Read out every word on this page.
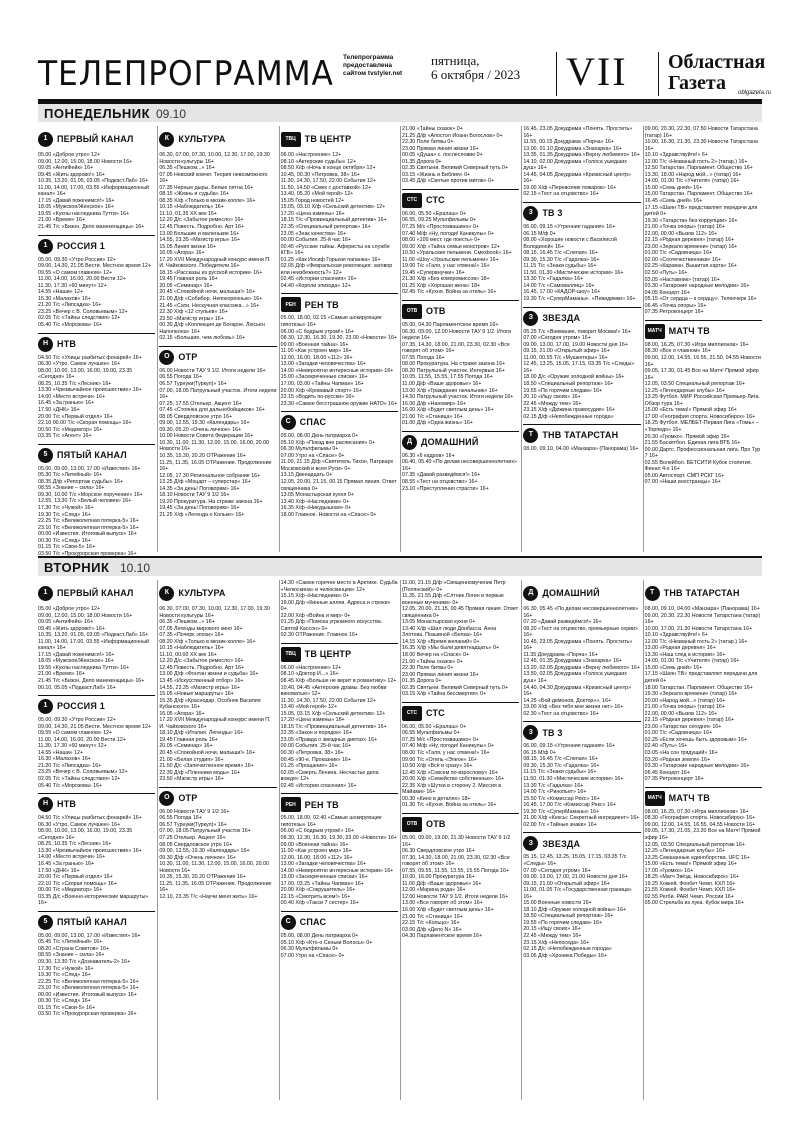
ТЕЛЕПРОГРАММА Телепрограмма предоставлена сайтом tvstyler.net
пятница,
6 октября / 2023 VII Областная
Газета	oblgazeta.ru
ПОНЕДЕЛЬНИК 09.10
ВТОРНИК 10.10
1	ПЕРВЫЙ КАНАЛ
05.00 «Доброе утро» 12+
09.00, 12.00, 15.00, 18.00 Новости 16+
09.05 «АнтиФейк» 16+
09.45 «Жить здорово!» 16+
10.35, 13.20, 01.05, 03.05 «Подкаст.Лаб» 16+
11.00, 14.00, 17.00, 03.55 «Информационный канал» 16+
17.15 «Давай поженимся!» 16+
18.05 «Мужское/Женское» 16+
19.55 «Куклы наследника Тутти» 16+
21.00 «Время» 16+
21.45 Т/с «Бизон. Дело манекенщицы» 16+
1	РОССИЯ 1
05.00, 09.30 «Утро России» 12+
09.00, 14.30, 21.05 Вести. Местное время 12+
09.55 «О самом главном» 12+
11.00, 14.00, 16.00, 20.00 Вести 12+
11.30, 17.30 «60 минут» 12+
14.55 «Наши» 12+
16.30 «Малахов» 16+
21.20 Т/с «Липсадка» 16+
23.25 «Вечер с В. Соловьевым» 12+
02.05 Т/с «Тайны следствия» 12+
05.40 Т/с «Морозова» 16+
Н НТВ
04.50 Т/с «Улицы разбитых фонарей» 16+
06.30 «Утро. Самое лучшее» 16+
08.00, 10.00, 13.00, 16.00, 19.00, 23.35 «Сегодня» 16+
08.25, 10.35 Т/с «Лесник» 16+
13.30 «Чрезвычайное происшествие» 16+
14.00 «Место встречи» 16+
16.45 «За гранью» 16+
17.50 «ДНК» 16+
20.00 Т/с «Первый отдел» 16+
22.10 00.00 Т/с «Скорая помощь» 16+
00.50 Т/с «Медиатор» 16+
03.35 Т/с «Агент» 16+
5	ПЯТЫЙ КАНАЛ
05.00, 09.00, 13.00, 17.00 «Известия» 16+
05.30 Т/с «Литейный» 16+
08.35 Д/ф «Репортаж судьбы» 16+
08.55 «Знание – сила» 16+
09.30, 10.00 Т/с «Морское поручение» 16+
12.55, 13.30 Т/с «Белый человек» 16+
17.30 Т/с «Чужой» 16+
19.30 Т/с «След» 16+
22.25 Т/с «Великолепная пятерка-5» 16+
23.10 Т/с «Великолепная пятерка-5» 16+
00.00 «Известия. Итоговый выпуск» 16+
00.30 Т/с «След» 16+
01.15 Т/с «Свои-5» 16+
03.50 Т/с «Прокурорская проверка» 16+
К	КУЛЬТУРА
06.30, 07.00, 07.30, 10.00, 12.30, 17.00, 19.30 Новости культуры 16+
06.35 «Пешком...» 16+
07.05 Невский ковчег. Теория невозможного 16+
07.35 Черные дыры. Белые пятна 16+
08.15 «Жизнь и судьба» 16+
08.35 Х/ф «Только в мюзик-холле» 16+
10.15 «Наблюдатель» 16+
11.10, 01.35 ХХ век 16+
12.20 Д/с «Забытое ремесло» 16+
12.45 Повесть. Подробно. Арт 16+
13.00 Большие и маленькие 16+
14.55, 23.35 «Магистр игры» 16+
15.05 Линия жизни 16+
16.05 «Агора» 16+
17.20 XVII Международный конкурс имени П. И. Чайковского. Победители 16+
18.15 «Рассказы из русской истории» 16+
19.45 Главная роль 16+
20.05 «Семинар» 16+
20.45 «Спокойной ночи, малыши!» 16+
21.00 Д/ф «Собибор. Непокоренные» 16+
21.45 «Сати. Нескучная классика...» 16+
22.30 Х/ф «12 стульев» 16+
23.50 «Магистр игры» 16+
00.30 Д/ф «Коллекция де Богарне. Люсьен Наполеона» 16+
02.15 «Большие, чем любовь» 16+
О ОТР
06.00 Новости ТАУ 9 1/2. Итоги недели 16+
06.55 Погода 16+
06.57 Турнуки(Туркул)» 16+
07.00, 18.05 Патрульный участок. Итоги недели 16+
07.25, 17.55 Отельер. Акцент 16+
07.45 «Стоянка для дальнобойщиков» 16+
08.05 Свердловское утро 16+
09.00, 12.55, 19.30 «Календарь» 16+
09.30, 05.20 «Очень личное» 16+
10.00 Новости Совета Федерации 16+
10.30, 11.00, 11.30, 12.00, 15.00, 16.00, 20.00 Новости 16+
10.35, 15.30, 20.20 ОТРажение 16+
11.25, 11.35, 16.05 ОТРажение. Продолжение 16+
12.05, 17.30 Региональное собрание 16+
13.25 Д/ф «Моцарт – суперстар» 16+
14.35 «За день! Поговорим» 16+
18.10 Новости ТАУ 9 1/2 16+
19.20 Прокуратура. На страже закона 16+
19.45 «За день! Поговорим» 16+
21.25 Х/ф «Легенда о Кольке» 16+
ТВЦ ТВ ЦЕНТР
06.00 «Настроение» 12+
08.10 «Актерские судьбы» 12+
08.50 Х/ф «Ночь в конце октября» 12+
10.45, 00.30 «Петровка, 38» 16+
11.30, 14.30, 17.50, 22.00 События 12+
11.50, 14.50 «Смех с доставкой» 12+
13.40, 05.20 «Мой герой» 12+
15.05 Город новостей 12+
15.05, 03.10 Х/ф «Сельский детектив» 12+
17.20 «Цена измены» 16+
18.15 Т/с «Провинциальный детектив» 16+
22.35 «Специальный репортаж» 16+
23.05 «Знак качества» 16+
00.00 События. 25-й час 16+
00.45 «Русские тайны. Аферисты на службе КГБ» 16+
01.25 «Как Иосиф Горькая папанка» 16+
02.05 Д/ф «Февральская революция: заговор или неизбежность?» 12+
02.45 «Истории спасения» 16+
04.40 «Короли эпизода» 12+
РЕН РЕН ТВ
05.00, 18.00, 02.15 «Самые шокирующие гипотезы» 16+
06.00 «С бодрым утром!» 16+
08.30, 12.30, 16.30, 19.30, 23.00 «Новости» 16+
09.00 «Военная тайна» 16+
11.00 «Как устроен мир» 16+
12.00, 16.00, 18.00 «112» 16+
13.00 «Загадки человечества» 16+
14.00 «Невероятно интересные истории» 16+
15.00 «Засекреченные списки» 16+
17.00, 03.00 «Тайны Чапман» 16+
20.00 Х/ф «Кровавый спорт» 16+
22.15 «Водить по-русски» 16+
23.30 «Самое бесстрашное оружие НАТО» 16+
С СПАС
05.00, 08.00 День патриарха 0+
05.10 Х/ф «Поезд вне расписания» 0+
06.30 Мультфильмы 0+
07.00 Утро на «Спасе» 0+
11.00, 21.15 Д/ф «Святитель Тихон, Патриарх Московский и всея Руси» 0+
13.15 Двенадцать 0+
12.05, 20.00, 21.15, 00.15 Прямая линия. Ответ священника 0+
13.05 Монастырская кухня 0+
13.40 Х/ф «Наследники» 0+
16.35 Х/ф «Никудышная» 0+
18.00 Главное. Новости на «Спасе» 0+
21.00 «Тайны сказок» 0+
21.25 Д/ф «Апостол Иоанн Богослов» 0+
22.30 Поле битвы 0+
23.00 Прямая линия жизни 16+
00.05 «Душа» с. послесловие 0+
01.35 Дорога 0+
02.35 Святыни. Великий Северный путь 0+
03.15 «Жизнь и Библия» 0+
03.45 Д/ф «Святые против митов» 0+
СТС СТС
06.00, 05.50 «Ералаш» 0+
06.55, 09.25 Мультфильмы 0+
07.25 М/с «Простоквашино» 0+
07.40 М/ф «Ну, погоди! Каникулы» 0+
08.00 «100 мест, где поесть» 0+
09.00 Х/ф «Тайна семьи монстров» 12+
10.50 «Уральские пельмени. Смехbook» 16+
11.00 «Шоу «Уральские пельмени» 16+
19.00 Т/с «Галя, у нас отмена!» 16+
19.45 «Супервнучки» 16+
21.30 Х/ф «Без компромиссов» 18+
01.25 Х/ф «Хорошая жена» 18+
02.45 Т/с «Кухня. Война за отель» 16+
ОТВ ОТВ
05.00, 04.30 Парламентское время 16+
06.30, 09.00, 12.00 Новости ТАУ 9 1/2. Итоги недели 16+
07.35, 14.30, 18.00, 21.00, 23.30, 02.30 «Все говорят об этом» 16+
07.55 Погода 16+
08.00 Прокуратура. На страже закона 16+
08.20 Патрульный участок. Интервью 16+
10.05, 11.55, 15.55, 17.55 Погода 16+
11.00 Д/ф «Ваше здоровье» 16+
13.00 Х/ф «Гражданин начальник» 16+
14.50 Патрульный участок. Итоги недели 16+
16.00 Д/ф «Наномир» 16+
16.00 Х/ф «Будет светлым день» 16+
21.00 Т/с «Станица» 16+
01.00 Д/ф «Одна жизнь» 16+
Д	ДОМАШНИЙ
06.30 «6 кадров» 16+
06.40, 05.40 «По делам несовершеннолетних» 16+
07.35 «Давай разведёмся!» 16+
08.55 «Тест на отцовство» 16+
23.10 «Преступления страсти» 16+
16.45, 23.05 Докудрама «Понять. Простить» 16+
11.55, 00.15 Докудрама «Порча» 16+
13.00, 01.10 Докудрама «Знахарка» 16+
13.35, 01.35 Докудрама «Верну любимого» 16+
14.10, 02.00 Докудрама «Голоса ушедших душ» 16+
14.45, 04.05 Докудрама «Кризисный центр» 16+
19.00 Х/ф «Перевозчик пожаров» 16+
02.15 «Тест на отцовство» 16+
3	ТВ 3
06.00, 09.15 «Утренние гадания» 16+
06.15 М/ф 0+
08.00 «Хорошие новости с Василисой Володиной» 16+
08.15, 16.45 Т/с «Слепая» 16+
09.30, 15.30 Т/с «Гадалка» 16+
11.15 Т/с «Знаки судьбы» 16+
11.50, 01.30 «Мистические истории» 16+
13.30 Т/с «Гадалка» 16+
14.00 Т/с «Самоваллиц» 16+
16.45, 17.00 «КАДОР-шоу» 16+
19.30 Т/с «СуперМаманы». «Певидимки» 16+
З	ЗВЕЗДА
05.25 Т/с «Внимание, говорит Москва!» 16+
07.00 «Сегодня утром» 16+
09.00, 13.00, 17.00, 19.00 Новости дня 16+
09.15, 21.00 «Открытый эфир» 16+
11.00, 00.55 Т/с «Мушкетеры» 16+
12.45, 13.25, 15.05, 17.15, 03.35 Т/с «Следы» 16+
18.00 Д/с «Оружие холодной войны» 16+
18.50 «Специальный репортаж» 16+
19.55 «По горячим следам» 16+
20.10 «Ищу своих» 16+
22.45 «Между тем» 16+
23.15 Х/ф «Дюжина правосудия» 16+
02.15 Д/ф «Непобежденные города»
Т	ТНВ ТАТАРСТАН
08.00, 09.10, 04.00 «Манзара» (Панорама) 16+
09.00, 20.30, 22.30, 07.50 Новости Татарстана (татар) 16+
10.00, 16.30, 21.30, 23.30 Новости Татарстана 16+
10.10 «Здравствуйте!» 6+
12.00 Т/с «Незваный гость 2» (татар.) 16+
12.50 Татарстан. Парламент. Общество 16+
13.30, 18.00 «Народ мой...» (татар) 16+
14.00, 01.00 Т/с «Учителя» (татар) 16+
15.00 «Семь дней» 16+
15.00 Татарстан. Парламент. Общество 16+
16.45 «Семь дней» 16+
17.15 «Шаян ТВ» представляет передачи для детей 0+
19.30 «Татарстан без коррупции» 16+
21.00 «Точка опоры» (татар) 16+
22.00, 00.00 «Вызов 112» 16+
22.15 «Родная деревня» (татар) 16+
23.00 «Зеркало времени» (татар) 16+
01.00 Т/с «Садовница» 16+
02.00 «Соотечественники» 16+
02.25 «Караван. Вышитая карта» 16+
02.50 «Путь» 16+
03.05 «Наставник» (татар) 16+
03.30 «Татарские народные мелодии» 16+
04.05 Концерт 16+
05.15 «От сердца – к сердцу». Телеочерк 16+
06.45 «Точка опоры» 16+
07.35 Ретроконцерт 16+
МАТЧ МАТЧ ТВ
08.00, 16.25, 07.30 «Игра миллионов» 16+
08.30 «Все о главном» 16+
09.00, 12.00, 14.55, 16.55, 21.50, 04.55 Новости 16+
09.05, 17.30, 01.45 Все на Матч! Прямой эфир 16+
12.05, 03.50 Специальный репортаж 16+
12.25 «Легендарные клубы» 16+
13.25 Футбол. МИР Российская Премьер-Лига. Обзор тура 16+
15.00 «Есть тема!» Прямой эфир 16+
17.00 «География спорта. Новосибирск» 16+
18.25 Футбол. МЕЛБЕТ-Первая Лига «Томь» – «Торпедо» 16+
20.30 «Громко». Прямой эфир 16+
21.55 Баскетбол. Единая лига ВТБ 16+
00.00 Дартс. Профессиональная лига. Про Тур 7 16+
02.55 Волейбол. БЕТСИТИ Кубок столетия. Финал 4-х 16+
05.00 Автоспорт. СМП РСКГ 16+
07.00 «Наши иностранцы» 16+
1	ПЕРВЫЙ КАНАЛ
05.00 «Доброе утро» 12+
09.00, 12.00, 15.00, 18.00 Новости 16+
09.05 «АнтиФейк» 16+
09.45 «Жить здорово!» 16+
10.35, 13.20, 01.05, 03.05 «Подкаст.Лаб» 16+
11.00, 14.00, 17.00, 03.55 «Информационный канал» 16+
17.15 «Давай поженимся!» 16+
18.05 «Мужское/Женское» 16+
19.55 «Куклы наследника Тутти» 16+
21.00 «Время» 16+
21.45 Т/с «Бизон. Дело манекенщицы» 16+
00.10, 05.05 «Подкаст.Лаб» 16+
1	РОССИЯ 1
05.00, 09.30 «Утро России» 12+
09.00, 14.30, 21.05 Вести. Местное время 12+
09.55 «О самом главном» 12+
11.00, 14.00, 16.00, 20.00 Вести 12+
11.30, 17.30 «60 минут» 12+
14.55 «Наши» 12+
16.30 «Малахов» 16+
21.20 Т/с «Липсадка» 16+
23.25 «Вечер с В. Соловьевым» 12+
02.05 Т/с «Тайны следствия» 12+
05.40 Т/с «Морозова» 16+
Н НТВ
04.50 Т/с «Улицы разбитых фонарей» 16+
06.30 «Утро. Самое лучшее» 16+
08.00, 10.00, 13.00, 16.00, 19.00, 23.35 «Сегодня» 16+
08.25, 10.35 Т/с «Лесник» 16+
13.30 «Чрезвычайное происшествие» 16+
14.00 «Место встречи» 16+
16.45 «За гранью» 16+
17.50 «ДНК» 16+
20.00 Т/с «Первый отдел» 16+
22.10 Т/с «Скорая помощь» 16+
00.00 Т/с «Медиатор» 16+
03.35 Д/с «Военно-исторические маршруты» 16+
5	ПЯТЫЙ КАНАЛ
05.00, 09.00, 13.00, 17.00 «Известия» 16+
05.45 Т/с «Литейный» 16+
08.20 «Страна Советов» 16+
08.55 «Знание – сила» 16+
09.30, 13.30 Т/с «Дознаватель-2» 16+
17.30 Т/с «Чужой» 16+
19.30 Т/с «След» 16+
22.25 Т/с «Великолепная пятерка-5» 16+
23.10 Т/с «Великолепная пятерка-5» 16+
00.00 «Известия. Итоговый выпуск» 16+
00.30 Т/с «След» 16+
01.15 Т/с «Свои-5» 16+
03.50 Т/с «Прокурорская проверка» 16+
К	КУЛЬТУРА
06.30, 07.00, 07.30, 10.00, 12.30, 17.00, 19.30 Новости культуры 16+
06.35 «Пешком...» 16+
07.05 Легенды мирового кино 16+
07.35 «Почерк эпохи» 16+
08.20 Х/ф «Только в мюзик-холле» 16+
10.15 «Наблюдатель» 16+
11.10, 00.00 ХХ век 16+
12.20 Д/с «Забытое ремесло» 16+
12.45 Повесть. Подробно. Арт 16+
13.00 Д/ф «Фонтан жизни и судьба» 16+
13.45 «Искусственный отбор» 16+
14.55, 23.35 «Магистр игры» 16+
15.05 «Новые маршруты» 16+
15.35 Д/ф «Краснодар. Особняк Василия Кубанского» 16+
16.05 «Агора» 16+
17.20 XVII Международный конкурс имени П. И. Чайковского 16+
18.10 Д/ф «Италия. Легенды» 16+
19.45 Главная роль 16+
20.05 «Семинар» 16+
20.45 «Спокойной ночи, малыши!» 16+
21.00 «Белая студия» 16+
21.50 Д/с «Запечатленное время» 16+
22.30 Д/ф «Пленники моды» 16+
23.50 «Магистр игры» 16+
О ОТР
06.00 Новости ТАУ 9 1/2 16+
06.55 Погода 16+
06.57 Турнуки(Туркул)» 16+
07.00, 18.05 Патрульный участок 16+
07.25 Отельер. Акцент 16+
08.05 Свердловское утро 16+
09.00, 12.55, 19.30 «Календарь» 16+
09.30 Д/ф «Очень личное» 16+
10.30, 11.00, 11.30, 12.00, 15.00, 16.00, 20.00 Новости 16+
10.35, 15.30, 20.20 ОТРажение 16+
11.25, 11.35, 16.05 ОТРажение. Продолжение 16+
12.10, 23.35 Т/с «Научи меня жить» 16+
14.30 «Самое горячее место в Арктике. Судьба «Челюскина» и челюскинцев» 12+
15.15 Х/ф «Наследники» 0+
19.00 Д/ф «Кинные аллеи. Адреса и строки» 0+
22.00 Х/ф «Война и мир» 0+
01.25 Д/ф «Помоха угрюмного искусства. Святой Кассон» 0+
02.30 ОТРажение. Главное 16+
ТВЦ ТВ ЦЕНТР
06.00 «Настроение» 12+
08.10 «Доктор И...» 16+
08.45 Х/ф «Больше не верит в романтику» 12+
10.40, 04.45 «Актерские драмы. Без любви виноватые» 12+
11.30, 14.30, 17.50, 22.00 События 12+
13.40 «Мой герой» 12+
15.05, 03.15 Х/ф «Сельский детектив» 12+
17.20 «Цена измены» 16+
18.15 Т/с «Провинциальный детектив» 16+
22.35 «Закон и порядок» 16+
23.05 «Правда о звездных диетах» 16+
00.00 События. 25-й час 16+
00.30 «Петровка, 38» 16+
00.45 «90-е. Проказник» 16+
01.25 «Прощание» 16+
02.05 «Смерть Ленина. Несчастье дела вождя» 12+
02.45 «Истории спасения» 16+
РЕН РЕН ТВ
05.00, 18.00, 02.40 «Самые шокирующие гипотезы» 16+
06.00 «С бодрым утром!» 16+
08.30, 12.30, 16.30, 19.30, 23.00 «Новости» 16+
09.00 «Военная тайна» 16+
11.00 «Как устроен мир» 16+
12.00, 16.00, 18.00 «112» 16+
13.00 «Загадки человечества» 16+
14.00 «Невероятно интересные истории» 16+
15.00 «Засекреченные списки» 16+
17.00, 03.25 «Тайны Чапман» 16+
20.00 Х/ф «Сокрушитель» 16+
22.15 «Смотреть всем!» 16+
00.40 Х/ф «Такси 7 сестер» 16+
С СПАС
05.00, 08.00 День патриарха 0+
05.10 Х/ф «Кто-о Сеньки Волосы» 0+
06.30 Мультфильмы 0+
07.00 Утро на «Спасе» 0+
11.00, 21.15 Д/ф «Священномученик Петр (Полянский)» 0+
11.35, 21.55 Д/ф «Слтник Логин и первые военные мученики» 0+
12.05, 20.00, 21.15, 00.45 Прямая линия. Ответ священника 0+
13.05 Монастырская кухня 0+
13.40 Х/ф «Шил люди Донбасса. Анна Злотова. Позывной «Белка» 16+
14.15 Х/ф «Время желаний» 0+
16.35 Х/ф «Мы были девятнадцать» 0+
18.00 Вечер на «Спасе» 0+
21.00 «Тайны сказок» 0+
22.30 Поле битвы 0+
23.00 Прямая линия жизни 16+
01.35 Дорога 0+
02.35 Святыни. Великий Северный путь 0+
03.15 Х/ф «Тайна бессмертия» 0+
СТС СТС
06.00, 05.50 «Ералаш» 0+
06.55 Мультфильмы 0+
07.25 М/с «Простоквашино» 0+
07.40 М/ф «Ну, погоди! Каникулы» 0+
08.00 Т/с «Галя, у нас отмена!» 16+
09.00 Т/с «Отель «Элеон» 16+
10.50 Х/ф «Всё и сразу» 16+
12.45 Х/ф «Совсем по-взрослому» 16+
20.00 Х/ф «Семейство собственных» 16+
22.35 Х/ф «Шутки в сторону 2. Миссия в Майами» 16+
00.30 «Кино в деталях» 18+
01.30 Т/с «Кухня. Война за отель» 16+
ОТВ ОТВ
05.00, 09.00, 19.00, 21.30 Новости ТАУ 9 1/2 16+
06.30 Свердловское утро 16+
07.30, 14.30, 18.00, 21.00, 23.30, 02.30 «Все говорят об этом» 16+
07.55, 09.55, 11.55, 13.55, 15.55 Погода 16+
10.00, 16.00 Прокуратура 16+
11.00 Д/ф «Ваше здоровье» 16+
12.00 «Марина рода» 16+
12.00 Новости ТАУ 9 1/2. Итоги недели 16+
13.00 «Все говорят об этом» 16+
16.00 Х/ф «Будет светлым день» 16+
21.00 Т/с «Станица» 16+
22.15 Т/с «Кольцо» 16+
03.00 Д/ф «Дело N» 16+
04.30 Парламентское время 16+
Д	ДОМАШНИЙ
06.30, 05.45 «По делам несовершеннолетних» 16+
07.20 «Давай разведёмся!» 16+
08.20 «Тест на отцовство, премьерные серии» 16+
10.45, 23.05 Докудрама «Понять. Простить» 16+
11.35 Докудрама «Порча» 16+
12.45, 01.35 Докудрама «Знахарка» 16+
13.20, 02.05 Докудрама «Верну любимого» 16+
13.50, 02.05 Докудрама «Голоса ушедших душ» 16+
14.40, 04.30 Докудрама «Кризисный центр» 16+
14.25 «Бой демонов, Доктор»», 16+
19.00 Х/ф «Без тебя мне жизни нет» 16+
02.30 «Тест на отцовство» 16+
3	ТВ 3
06.00, 09.15 «Утренние гадания» 16+
06.15 М/ф 0+
08.15, 16.45 Т/с «Слепая» 16+
09.30, 15.30 Т/с «Гадалка» 16+
11.15 Т/с «Знаки судьбы» 16+
11.50, 01.30 «Мистические истории» 16+
13.30 Т/с «Гадалка» 16+
14.00 Т/с «Ринопьет» 16+
15.50 Т/с «Комиссар Рекс» 16+
16.45, 17.00 Т/с «Комиссар Рекс» 16+
19.30 Т/с «СуперМаманы» 16+
21.00 Х/ф «Кексы: Секретный ингредиент» 16+
02.00 Т/с «Тайные знаки» 16+
З	ЗВЕЗДА
05.15, 12.45, 13.25, 15.05, 17.15, 03.35 Т/с «Следы» 16+
07.00 «Сегодня утром» 16+
09.00, 13.00, 17.00, 21.00 Новости дня 16+
09.15, 21.00 «Открытый эфир» 16+
11.00, 01.05 Т/с «Государственная граница» 16+
15.00 Военные новости 16+
18.10 Д/ф «Оружие холодной войны» 16+
18.50 «Специальный репортаж» 16+
19.55 «По горячим следам» 16+
20.15 «Ищу своих» 16+
22.45 «Между тем» 16+
23.15 Х/ф «Непоседа» 16+
02.15 Д/с «Непобежденные города»
03.05 Д/ф «Хроника Победы» 16+
Т	ТНВ ТАТАРСТАН
08.00, 09.10, 04.00 «Манзара» (Панорама) 16+
09.00, 20.30, 22.30 Новости Татарстана (татар) 16+
10.00, 17.00, 21.30 Новости Татарстана 16+
10.10 «Здравствуйте!» 6+
12.00 Т/с «Незваный гость 2» (татар.) 16+
13.00 «Родная деревня» 16+
13.30 «Наш след в истории» 16+
14.00, 01.00 Т/с «Учителя» (татар) 16+
15.00 «Семь дней» 16+
17.15 «Шаян ТВ» представляет передачи для детей 0+
18.00 Татарстан. Парламент. Общество 16+
19.30 «Зеркало времени» (татар) 16+
20.00 «Народ мой...» (татар) 16+
21.00 «Точка опоры» (татар) 16+
22.00, 00.00 «Вызов 112» 16+
22.15 «Родная деревня» (татар) 16+
23.00 «Татарстан сегодня» 16+
01.00 Т/с «Садовница» 16+
02.25 «Если хочешь быть здоровым» 16+
02.40 «Путь» 16+
03.05 «На сон грядущий» 16+
03.20 «Родная земля» 16+
03.30 «Татарские народные мелодии» 16+
06.45 Концерт 16+
07.35 Ретроконцерт 16+
МАТЧ МАТЧ ТВ
08.00, 16.25, 07.30 «Игра миллионов» 16+
08.30 «География спорта. Новосибирск» 16+
09.00, 12.00, 14.55, 16.55, 04.55 Новости 16+
09.05, 17.30, 21.05, 23.20 Все на Матч! Прямой эфир 16+
12.05, 03.50 Специальный репортаж 16+
12.25 «Легендарные клубы» 16+
13.25 Смешанные единоборства. UFC 16+
15.00 «Есть тема!» Прямой эфир 16+
17.00 «Громко» 16+
18.25 «Матч Звёзд. Новосибирск» 16+
19.25 Хоккей. Фонбет Чемп. КХЛ 16+
21.55 Хоккей. Фонбет Чемп. КХЛ 16+
02.55 Регби. PARI Чемп. России 16+
05.00 Стрельба из лука. Кубок мира 16+
